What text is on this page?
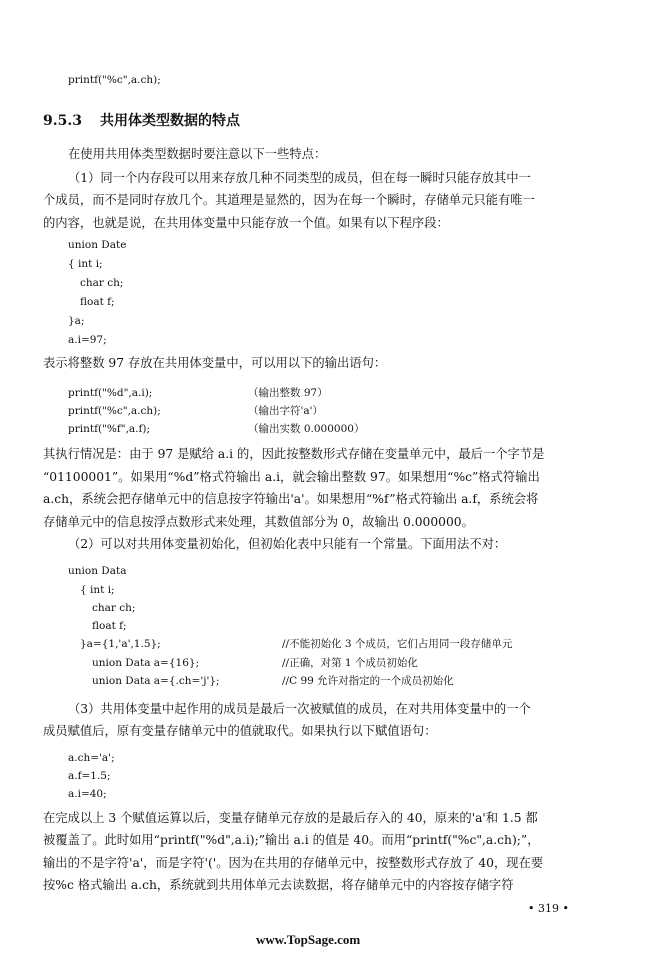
printf("%c",a.ch);
9.5.3 共用体类型数据的特点
在使用共用体类型数据时要注意以下一些特点：
（1）同一个内存段可以用来存放几种不同类型的成员，但在每一瞬时只能存放其中一
个成员，而不是同时存放几个。其道理是显然的，因为在每一个瞬时，存储单元只能有唯一
的内容，也就是说，在共用体变量中只能存放一个值。如果有以下程序段：
union Date
{ int i;
char ch;
float f;
}a;
a.i=97;
表示将整数 97 存放在共用体变量中，可以用以下的输出语句：
printf("%d",a.i);	（输出整数 97）
printf("%c",a.ch);	（输出字符'a'）
printf("%f",a.f);	（输出实数 0.000000）
其执行情况是：由于 97 是赋给 a.i 的，因此按整数形式存储在变量单元中，最后一个字节是
“01100001”。如果用“%d”格式符输出 a.i，就会输出整数 97。如果想用“%c”格式符输出
a.ch，系统会把存储单元中的信息按字符输出'a'。如果想用“%f”格式符输出 a.f，系统会将
存储单元中的信息按浮点数形式来处理，其数值部分为 0，故输出 0.000000。
（2）可以对共用体变量初始化，但初始化表中只能有一个常量。下面用法不对：
union Data
{ int i;
char ch;
float f;
}a={1,'a',1.5};	//不能初始化 3 个成员，它们占用同一段存储单元
union Data a={16};	//正确，对第 1 个成员初始化
union Data a={.ch='j'};	//C 99 允许对指定的一个成员初始化
（3）共用体变量中起作用的成员是最后一次被赋值的成员，在对共用体变量中的一个
成员赋值后，原有变量存储单元中的值就取代。如果执行以下赋值语句：
a.ch='a';
a.f=1.5;
a.i=40;
在完成以上 3 个赋值运算以后，变量存储单元存放的是最后存入的 40，原来的'a'和 1.5 都
被覆盖了。此时如用“printf("%d",a.i);”输出 a.i 的值是 40。而用“printf("%c",a.ch);”，
输出的不是字符'a'，而是字符'('。因为在共用的存储单元中，按整数形式存放了 40，现在要
按%c 格式输出 a.ch，系统就到共用体单元去读数据，将存储单元中的内容按存储字符
• 319 •
www.TopSage.com
